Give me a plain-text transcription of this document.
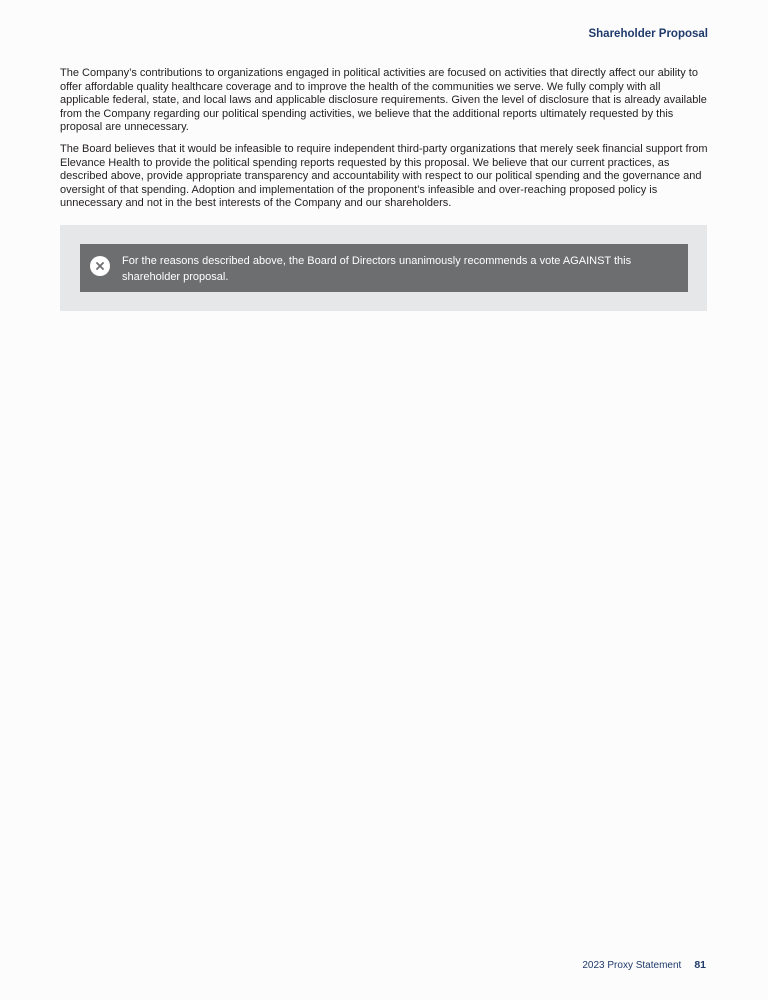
Shareholder Proposal

The Company’s contributions to organizations engaged in political activities are focused on activities that directly affect our ability to offer affordable quality healthcare coverage and to improve the health of the communities we serve. We fully comply with all applicable federal, state, and local laws and applicable disclosure requirements. Given the level of disclosure that is already available from the Company regarding our political spending activities, we believe that the additional reports ultimately requested by this proposal are unnecessary.

The Board believes that it would be infeasible to require independent third-party organizations that merely seek financial support from Elevance Health to provide the political spending reports requested by this proposal. We believe that our current practices, as described above, provide appropriate transparency and accountability with respect to our political spending and the governance and oversight of that spending. Adoption and implementation of the proponent’s infeasible and over-reaching proposed policy is unnecessary and not in the best interests of the Company and our shareholders.

For the reasons described above, the Board of Directors unanimously recommends a vote AGAINST this shareholder proposal.
2023 Proxy Statement 81
